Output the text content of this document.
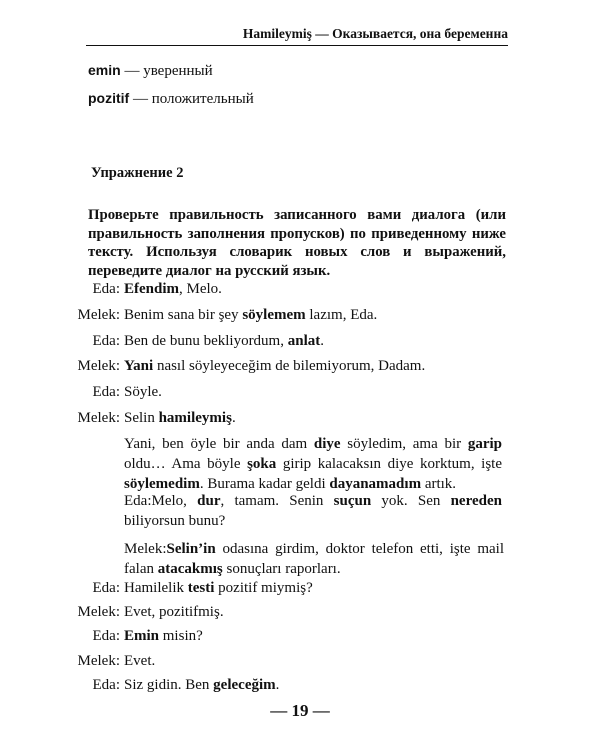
Hamileymiş — Оказывается, она беременна
emin — уверенный
pozitif — положительный
Упражнение 2
Проверьте правильность записанного вами диалога (или правильность заполнения пропусков) по приведенному ниже тексту. Используя словарик новых слов и выражений, переведите диалог на русский язык.
Eda: Efendim, Melo.
Melek: Benim sana bir şey söylemem lazım, Eda.
Eda: Ben de bunu bekliyordum, anlat.
Melek: Yani nasıl söyleyeceğim de bilemiyorum, Dadam.
Eda: Söyle.
Melek: Selin hamileymiş.
Yani, ben öyle bir anda dam diye söyledim, ama bir garip oldu… Ama böyle şoka girip kalacaksın diye korktum, işte söylemedim. Burama kadar geldi dayanamadım artık.
Eda:Melo, dur, tamam. Senin suçun yok. Sen nereden biliyorsun bunu?
Melek:Selin’in odasına girdim, doktor telefon etti, işte mail falan atacakmış sonuçları raporları.
Eda: Hamilelik testi pozitif miymiş?
Melek: Evet, pozitifmiş.
Eda: Emin misin?
Melek: Evet.
Eda: Siz gidin. Ben geleceğim.
— 19 —
